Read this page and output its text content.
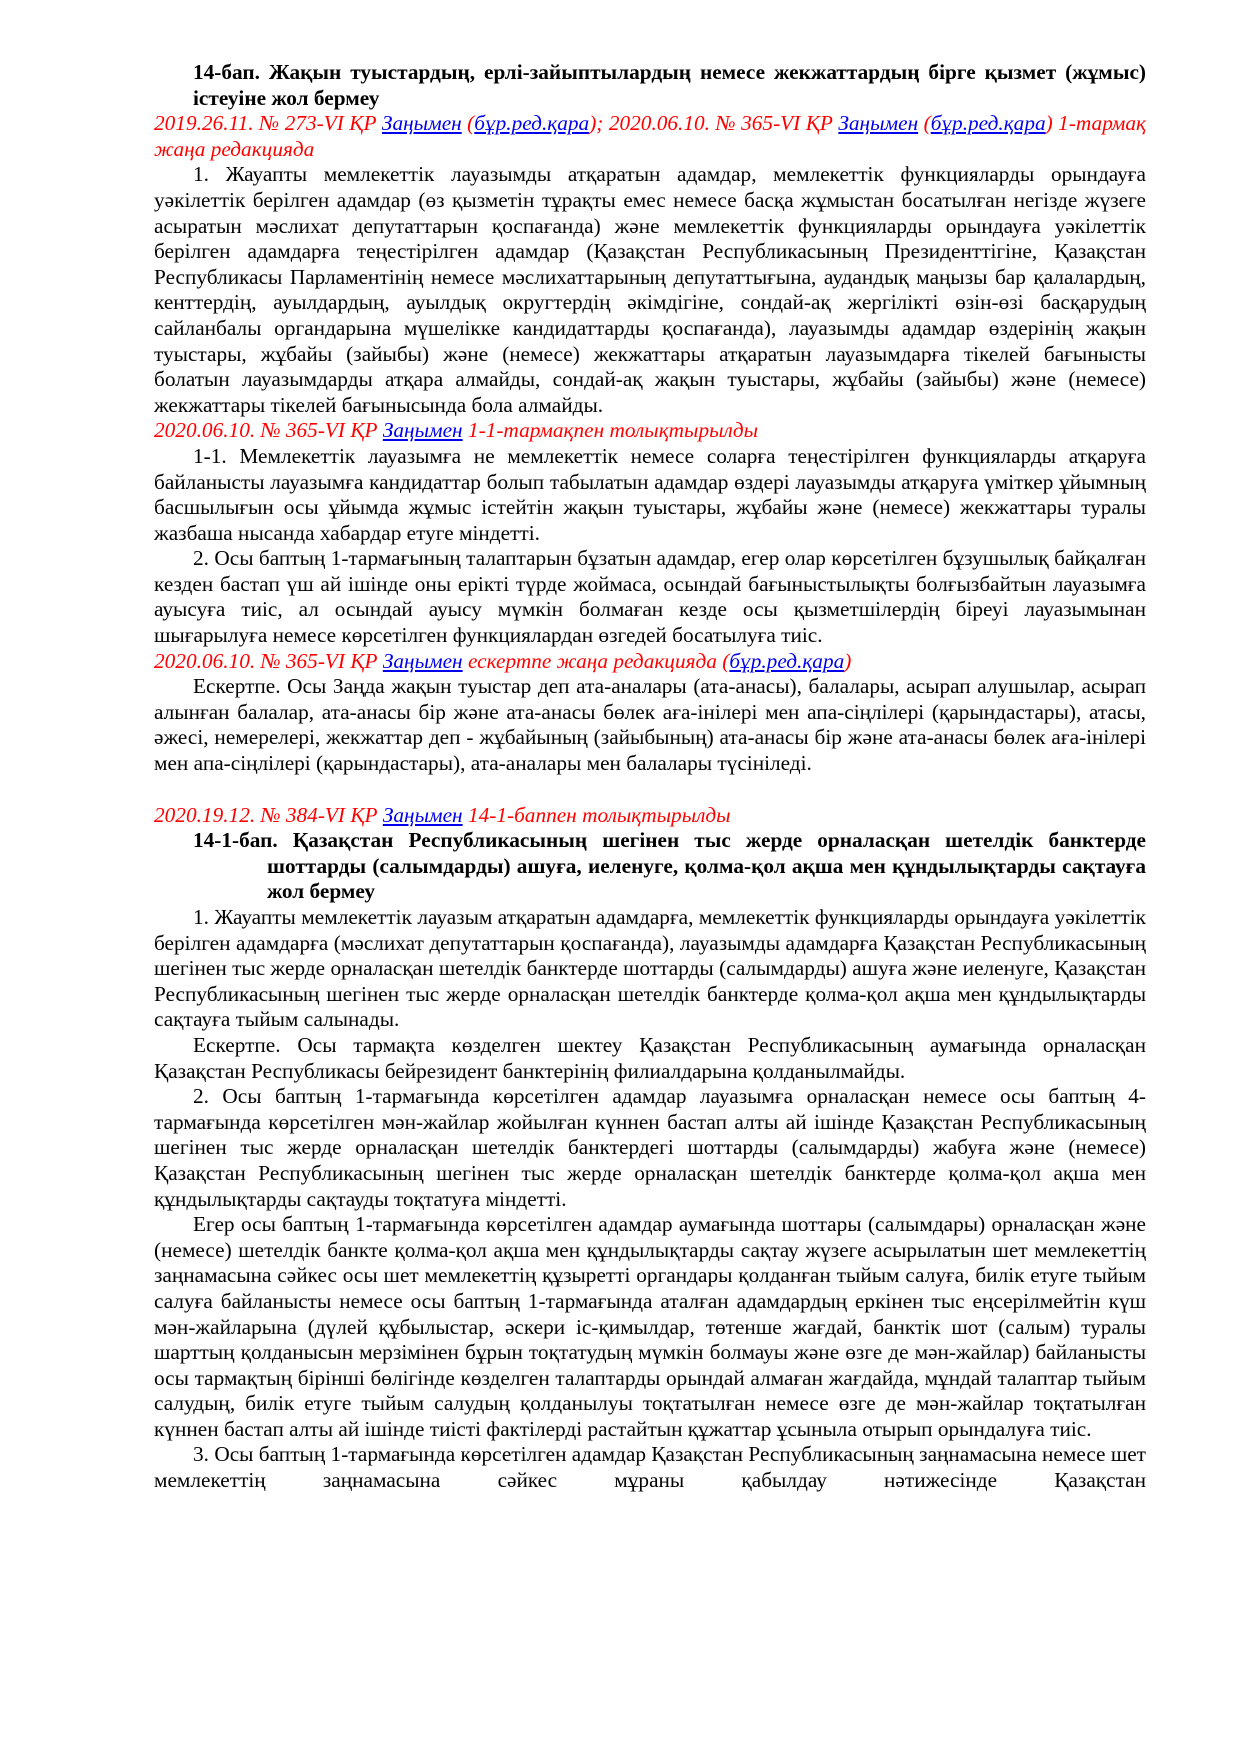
14-бап. Жақын туыстардың, ерлі-зайыптылардың немесе жекжаттардың бірге қызмет (жұмыс) істеуіне жол бермеу
2019.26.11. № 273-VI ҚР Заңымен (бұр.ред.қара); 2020.06.10. № 365-VI ҚР Заңымен (бұр.ред.қара) 1-тармақ жаңа редакцияда
1. Жауапты мемлекеттік лауазымды атқаратын адамдар, мемлекеттік функцияларды орындауға уәкілеттік берілген адамдар (өз қызметін тұрақты емес немесе басқа жұмыстан босатылған негізде жүзеге асыратын мәслихат депутаттарын қоспағанда) және мемлекеттік функцияларды орындауға уәкілеттік берілген адамдарға теңестірілген адамдар (Қазақстан Республикасының Президенттігіне, Қазақстан Республикасы Парламентінің немесе мәслихаттарының депутаттығына, аудандық маңызы бар қалалардың, кенттердің, ауылдардың, ауылдық округтердің әкімдігіне, сондай-ақ жергілікті өзін-өзі басқарудың сайланбалы органдарына мүшелікке кандидаттарды қоспағанда), лауазымды адамдар өздерінің жақын туыстары, жұбайы (зайыбы) және (немесе) жекжаттары атқаратын лауазымдарға тікелей бағынысты болатын лауазымдарды атқара алмайды, сондай-ақ жақын туыстары, жұбайы (зайыбы) және (немесе) жекжаттары тікелей бағыныcында бола алмайды.
2020.06.10. № 365-VI ҚР Заңымен 1-1-тармақпен толықтырылды
1-1. Мемлекеттік лауазымға не мемлекеттік немесе соларға теңестірілген функцияларды атқаруға байланысты лауазымға кандидаттар болып табылатын адамдар өздері лауазымды атқаруға үміткер ұйымның басшылығын осы ұйымда жұмыс істейтін жақын туыстары, жұбайы және (немесе) жекжаттары туралы жазбаша нысанда хабардар етуге міндетті.
2. Осы баптың 1-тармағының талаптарын бұзатын адамдар, егер олар көрсетілген бұзушылық байқалған кезден бастап үш ай ішінде оны ерікті түрде жоймаса, осындай бағыныстылықты болғызбайтын лауазымға ауысуға тиіс, ал осындай ауысу мүмкін болмаған кезде осы қызметшілердің біреуі лауазымынан шығарылуға немесе көрсетілген функциялардан өзгедей босатылуға тиіс.
2020.06.10. № 365-VI ҚР Заңымен ескертпе жаңа редакцияда (бұр.ред.қара)
Ескертпе. Осы Заңда жақын туыстар деп ата-аналары (ата-анасы), балалары, асырап алушылар, асырап алынған балалар, ата-анасы бір және ата-анасы бөлек аға-інілері мен апа-сіңлілері (қарындастары), атасы, әжесі, немерелері, жекжаттар деп - жұбайының (зайыбының) ата-анасы бір және ата-анасы бөлек аға-інілері мен апа-сіңлілері (қарындастары), ата-аналары мен балалары түсініледі.
2020.19.12. № 384-VI ҚР Заңымен 14-1-баппен толықтырылды
14-1-бап. Қазақстан Республикасының шегінен тыс жерде орналасқан шетелдік банктерде шоттарды (салымдарды) ашуға, иеленуге, қолма-қол ақша мен құндылықтарды сақтауға жол бермеу
1. Жауапты мемлекеттік лауазым атқаратын адамдарға, мемлекеттік функцияларды орындауға уәкілеттік берілген адамдарға (мәслихат депутаттарын қоспағанда), лауазымды адамдарға Қазақстан Республикасының шегінен тыс жерде орналасқан шетелдік банктерде шоттарды (салымдарды) ашуға және иеленуге, Қазақстан Республикасының шегінен тыс жерде орналасқан шетелдік банктерде қолма-қол ақша мен құндылықтарды сақтауға тыйым салынады.
Ескертпе. Осы тармақта көзделген шектеу Қазақстан Республикасының аумағында орналасқан Қазақстан Республикасы бейрезидент банктерінің филиалдарына қолданылмайды.
2. Осы баптың 1-тармағында көрсетілген адамдар лауазымға орналасқан немесе осы баптың 4-тармағында көрсетілген мән-жайлар жойылған күннен бастап алты ай ішінде Қазақстан Республикасының шегінен тыс жерде орналасқан шетелдік банктердегі шоттарды (салымдарды) жабуға және (немесе) Қазақстан Республикасының шегінен тыс жерде орналасқан шетелдік банктерде қолма-қол ақша мен құндылықтарды сақтауды тоқтатуға міндетті.
Егер осы баптың 1-тармағында көрсетілген адамдар аумағында шоттары (салымдары) орналасқан және (немесе) шетелдік банкте қолма-қол ақша мен құндылықтарды сақтау жүзеге асырылатын шет мемлекеттің заңнамасына сәйкес осы шет мемлекеттің құзыретті органдары қолданған тыйым салуға, билік етуге тыйым салуға байланысты немесе осы баптың 1-тармағында аталған адамдардың еркінен тыс еңсерілмейтін күш мән-жайларына (дүлей құбылыстар, әскери іс-қимылдар, төтенше жағдай, банктік шот (салым) туралы шарттың қолданысын мерзімінен бұрын тоқтатудың мүмкін болмауы және өзге де мән-жайлар) байланысты осы тармақтың бірінші бөлігінде көзделген талаптарды орындай алмаған жағдайда, мұндай талаптар тыйым салудың, билік етуге тыйым салудың қолданылуы тоқтатылған немесе өзге де мән-жайлар тоқтатылған күннен бастап алты ай ішінде тиісті фактілерді растайтын құжаттар ұсыныла отырып орындалуға тиіс.
3. Осы баптың 1-тармағында көрсетілген адамдар Қазақстан Республикасының заңнамасына немесе шет мемлекеттің заңнамасына сәйкес мұраны қабылдау нәтижесінде Қазақстан
